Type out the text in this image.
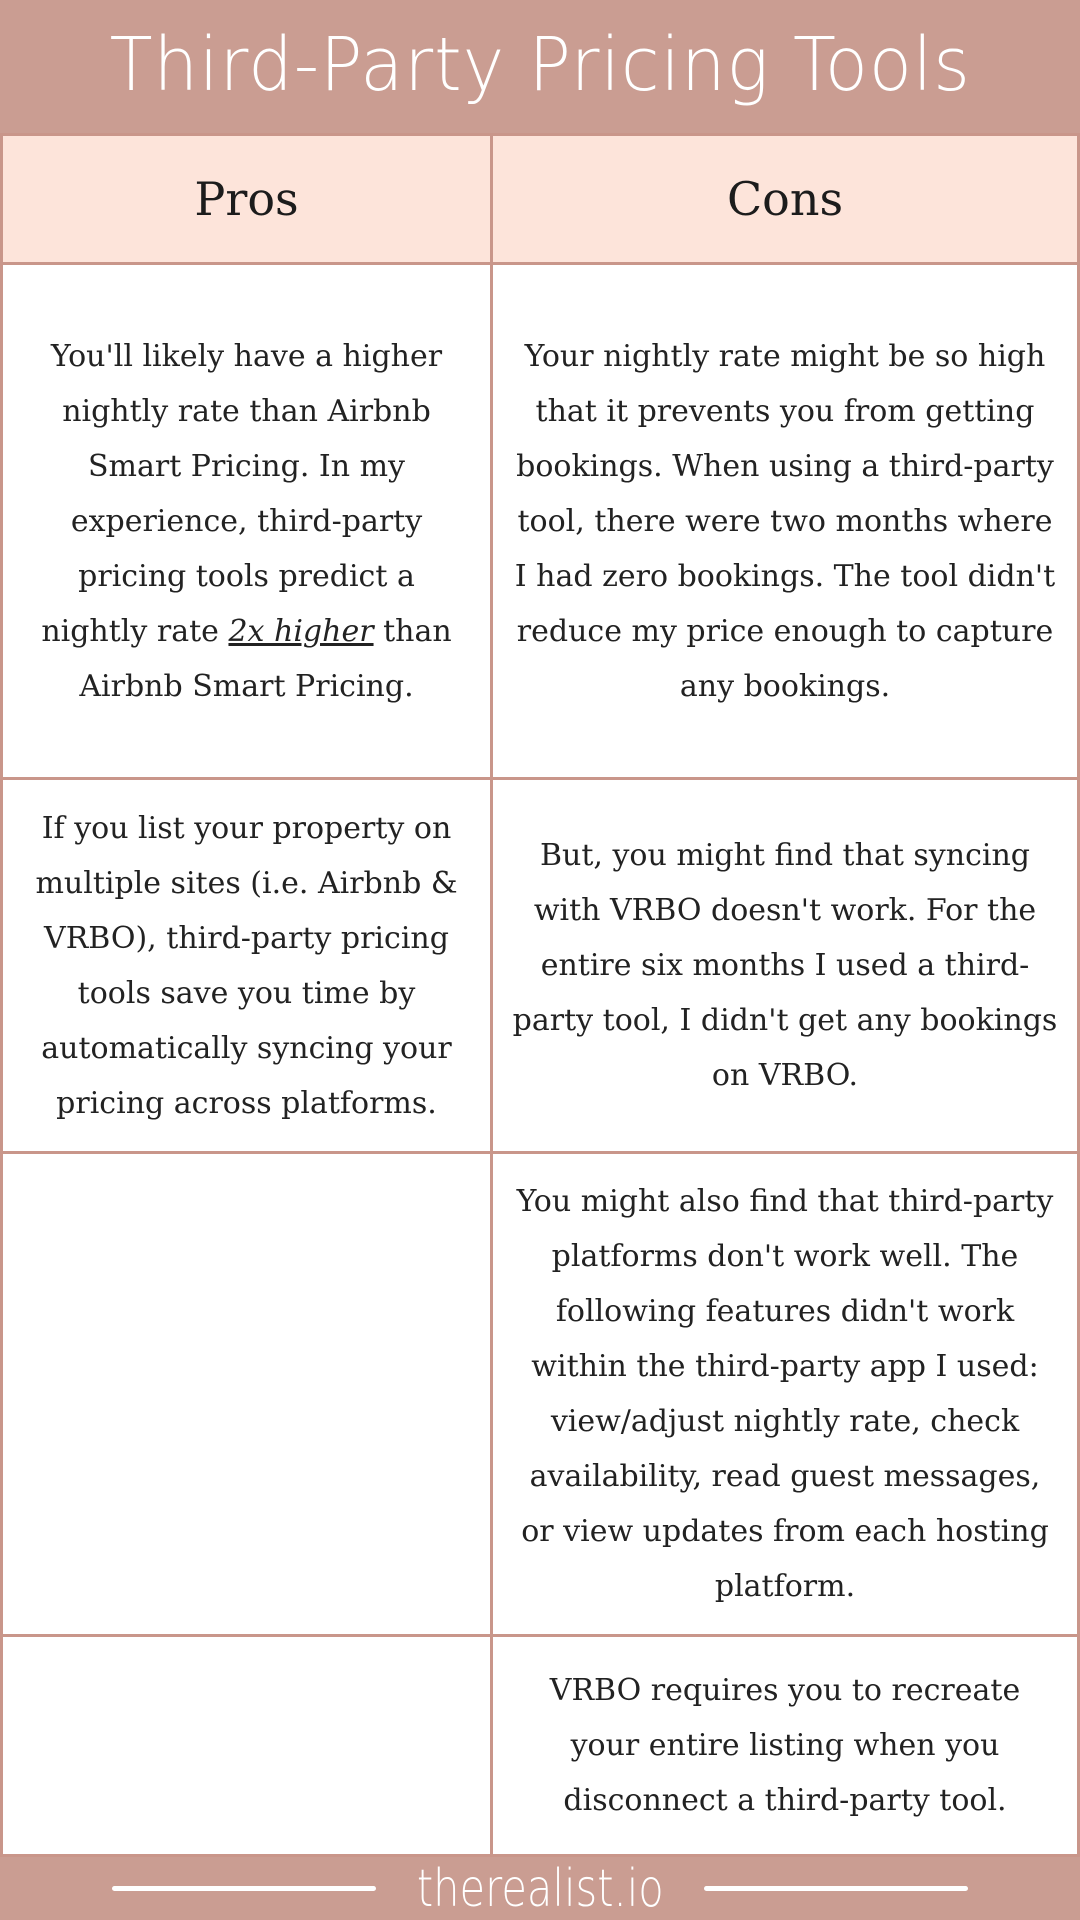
Third-Party Pricing Tools
Pros	Cons
You'll likely have a higher nightly rate than Airbnb Smart Pricing. In my experience, third-party pricing tools predict a nightly rate 2x higher than Airbnb Smart Pricing.
Your nightly rate might be so high that it prevents you from getting bookings. When using a third-party tool, there were two months where I had zero bookings. The tool didn't reduce my price enough to capture any bookings.
If you list your property on multiple sites (i.e. Airbnb & VRBO), third-party pricing tools save you time by automatically syncing your pricing across platforms.
But, you might find that syncing with VRBO doesn't work. For the entire six months I used a third-party tool, I didn't get any bookings on VRBO.
You might also find that third-party platforms don't work well. The following features didn't work within the third-party app I used: view/adjust nightly rate, check availability, read guest messages, or view updates from each hosting platform.
VRBO requires you to recreate your entire listing when you disconnect a third-party tool.
therealist.io
